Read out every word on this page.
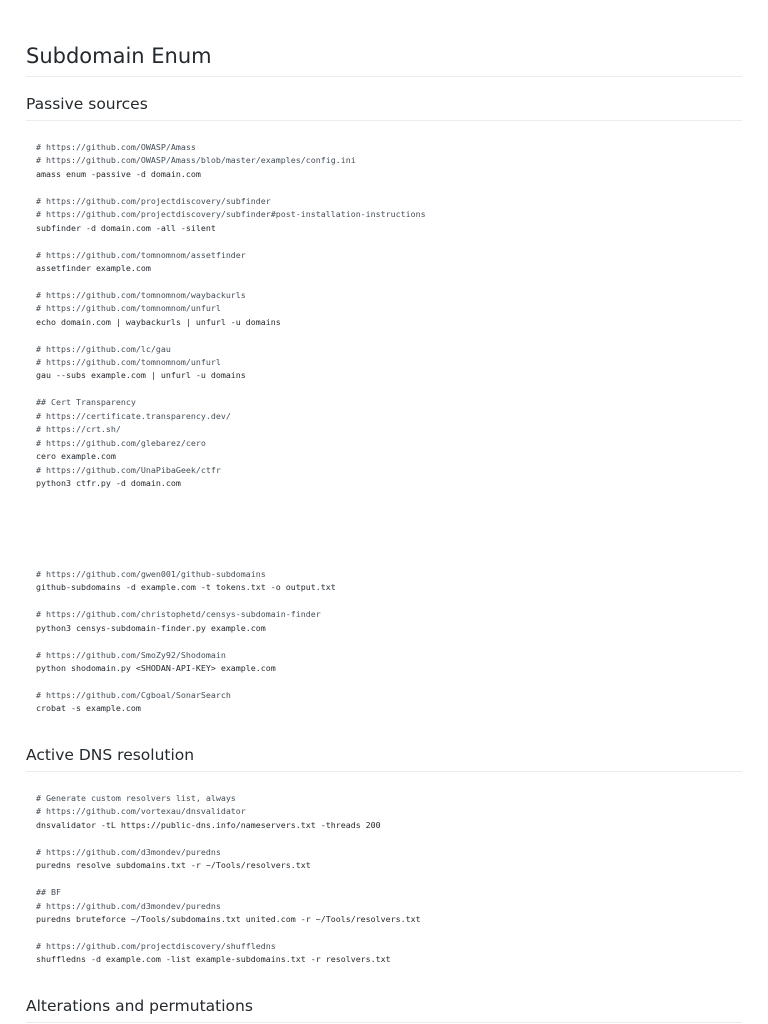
Subdomain Enum
Passive sources
# https://github.com/OWASP/Amass
# https://github.com/OWASP/Amass/blob/master/examples/config.ini
amass enum -passive -d domain.com
# https://github.com/projectdiscovery/subfinder
# https://github.com/projectdiscovery/subfinder#post-installation-instructions
subfinder -d domain.com -all -silent
# https://github.com/tomnomnom/assetfinder
assetfinder example.com
# https://github.com/tomnomnom/waybackurls
# https://github.com/tomnomnom/unfurl
echo domain.com | waybackurls | unfurl -u domains
# https://github.com/lc/gau
# https://github.com/tomnomnom/unfurl
gau --subs example.com | unfurl -u domains
## Cert Transparency
# https://certificate.transparency.dev/
# https://crt.sh/
# https://github.com/glebarez/cero
cero example.com
# https://github.com/UnaPibaGeek/ctfr
python3 ctfr.py -d domain.com
# https://github.com/gwen001/github-subdomains
github-subdomains -d example.com -t tokens.txt -o output.txt
# https://github.com/christophetd/censys-subdomain-finder
python3 censys-subdomain-finder.py example.com
# https://github.com/SmoZy92/Shodomain
python shodomain.py <SHODAN-API-KEY> example.com
# https://github.com/Cgboal/SonarSearch
crobat -s example.com
Active DNS resolution
# Generate custom resolvers list, always
# https://github.com/vortexau/dnsvalidator
dnsvalidator -tL https://public-dns.info/nameservers.txt -threads 200
# https://github.com/d3mondev/puredns
puredns resolve subdomains.txt -r ~/Tools/resolvers.txt
## BF
# https://github.com/d3mondev/puredns
puredns bruteforce ~/Tools/subdomains.txt united.com -r ~/Tools/resolvers.txt
# https://github.com/projectdiscovery/shuffledns
shuffledns -d example.com -list example-subdomains.txt -r resolvers.txt
Alterations and permutations
